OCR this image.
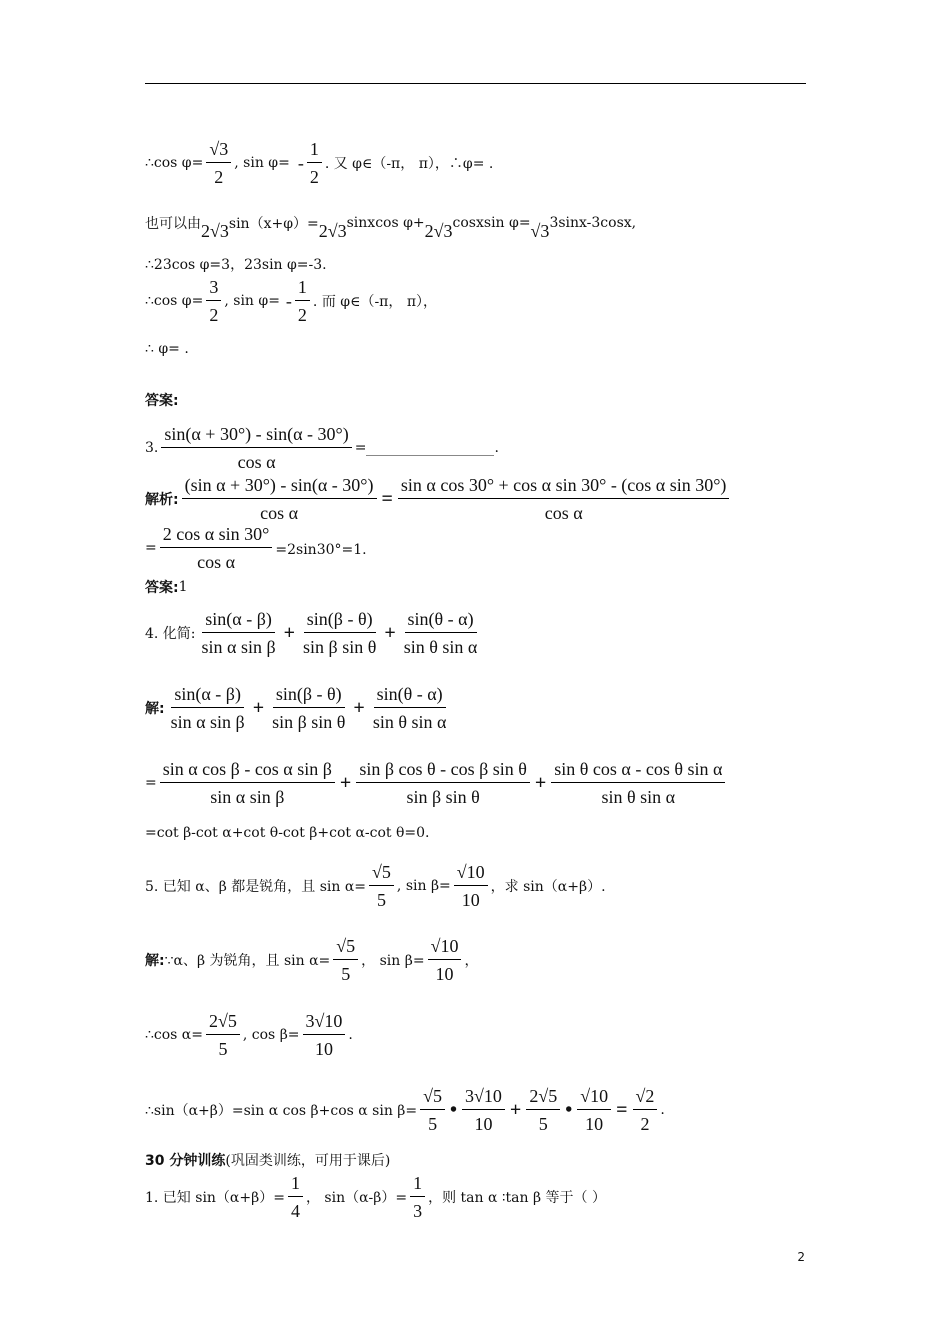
∴cos $\varphi= \frac{√3}{2}$ , $\sin \varphi= - \frac{1}{2}$ . 又 φ∈（-π， π），∴φ= .
也可以由 2√3 sin（x+φ）= 2√3 sinxcos φ+ 2√3 cosxsin φ= √3 3sinx-3cosx,
∴23cos φ=3，23sin φ=-3.
∴cos $\varphi= \frac{3}{2}$ , $\sin \varphi= - \frac{1}{2}$ . 而 φ∈（-π， π），
∴ φ= .
答案:
3. $\frac{\sin(\alpha + 30^\circ) - \sin(\alpha - 30^\circ)}{\text{cos α}}$ =	.
解析: $\frac{\text{(sin α + 30°) - sin(α - 30°)}}{\text{cos α}} = \frac{\text{sin α cos 30° + cos α sin 30° - (cos α sin 30°)}}{\text{cos α}}$
= $\frac{\text{2 cos α sin 30°}}{\text{cos α}} =2\sin 30^\circ=1$.
答案: 1
4. 化简: $\frac{\sin(\alpha - \beta)}{\text{sin α sin β}} + \frac{\sin(\beta - \theta)}{\text{sin β sin θ}} + \frac{\sin(\theta - \alpha)}{\text{sin θ sin α}}$
解: $\frac{\sin(\alpha - \beta)}{\text{sin α sin β}} + \frac{\sin(\beta - \theta)}{\text{sin β sin θ}} + \frac{\sin(\theta - \alpha)}{\text{sin θ sin α}}$
= $\frac{\text{sin α cos β - cos α sin β}}{\text{sin α sin β}} + \frac{\text{sin β cos θ - cos β sin θ}}{\text{sin β sin θ}} + \frac{\text{sin θ cos α - cos θ sin α}}{\text{sin θ sin α}}$
=cot β-cot α+cot θ-cot β+cot α-cot θ=0.
5. 已知 α、β 都是锐角，且 $\sin \alpha= \frac{√5}{5}$ , $\sin \beta= \frac{√10}{10}$ ，求 sin（α+β）.
解: ∵α、β 为锐角，且 $\sin \alpha= \frac{√5}{5}$ ， $\sin \beta= \frac{√10}{10}$ ，
∴cos $\alpha= \frac{2√5}{5}$ , $\cos \beta= \frac{3√10}{10}$ .
∴sin（α+β）=sin α cos β+cos α $\sin \beta= \frac{√5}{5}$ • $\frac{3√10}{10} + \frac{2√5}{5}$ • $\frac{√10}{10} = \frac{√2}{2}$ .
30 分钟训练 (巩固类训练，可用于课后)
1. 已知 $\sin(\alpha+\beta)= \frac{1}{4}$ ， $\sin(\alpha-\beta)= \frac{1}{3}$ ，则 tan α ∶tan β 等于（ ）
2
